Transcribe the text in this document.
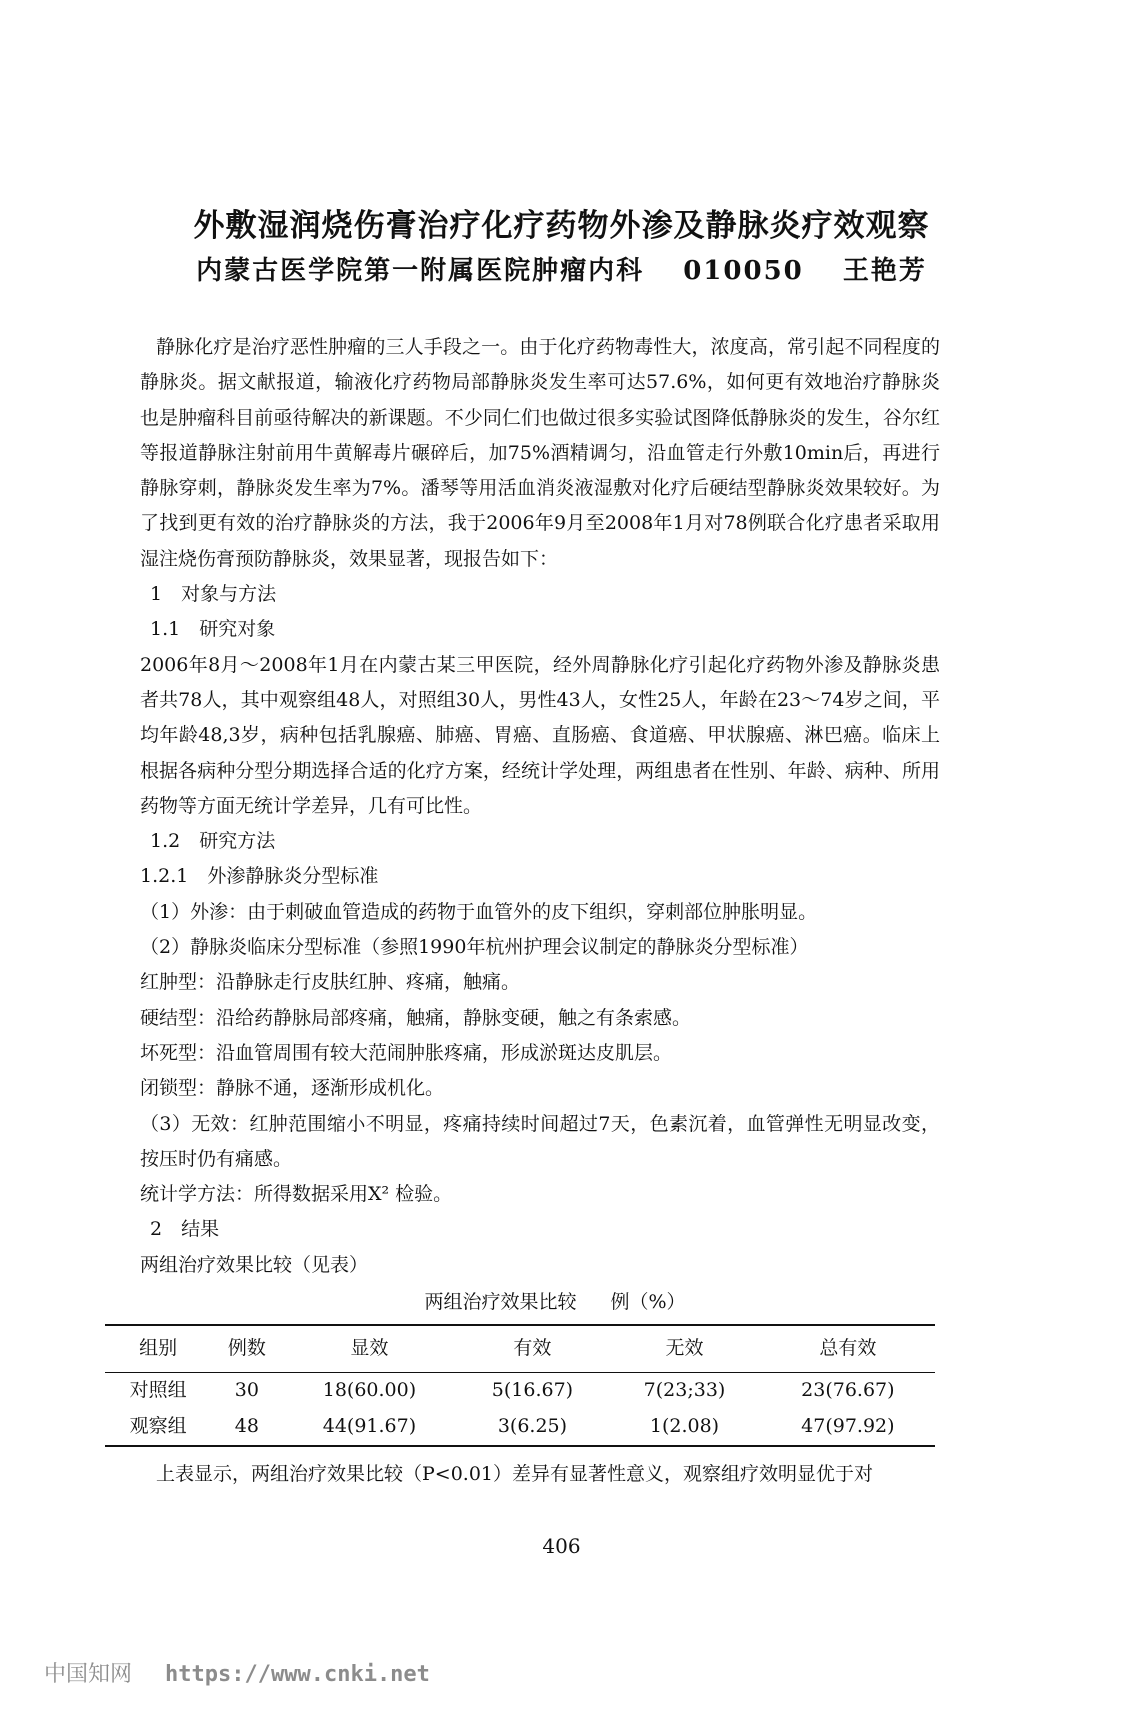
外敷湿润烧伤膏治疗化疗药物外渗及静脉炎疗效观察
内蒙古医学院第一附属医院肿瘤内科 010050 王艳芳

静脉化疗是治疗恶性肿瘤的三人手段之一。由于化疗药物毒性大，浓度高，常引起不同程度的静脉炎。据文献报道，输液化疗药物局部静脉炎发生率可达57.6%，如何更有效地治疗静脉炎也是肿瘤科目前亟待解决的新课题。不少同仁们也做过很多实验试图降低静脉炎的发生，谷尔红等报道静脉注射前用牛黄解毒片碾碎后，加75%酒精调匀，沿血管走行外敷10min后，再进行静脉穿刺，静脉炎发生率为7%。潘琴等用活血消炎液湿敷对化疗后硬结型静脉炎效果较好。为了找到更有效的治疗静脉炎的方法，我于2006年9月至2008年1月对78例联合化疗患者采取用湿注烧伤膏预防静脉炎，效果显著，现报告如下：

1　对象与方法

1.1　研究对象

2006年8月～2008年1月在内蒙古某三甲医院，经外周静脉化疗引起化疗药物外渗及静脉炎患者共78人，其中观察组48人，对照组30人，男性43人，女性25人，年龄在23～74岁之间，平均年龄48,3岁，病种包括乳腺癌、肺癌、胃癌、直肠癌、食道癌、甲状腺癌、淋巴癌。临床上根据各病种分型分期选择合适的化疗方案，经统计学处理，两组患者在性别、年龄、病种、所用药物等方面无统计学差异，几有可比性。

1.2　研究方法

1.2.1　外渗静脉炎分型标准

（1）外渗：由于刺破血管造成的药物于血管外的皮下组织，穿刺部位肿胀明显。

（2）静脉炎临床分型标准（参照1990年杭州护理会议制定的静脉炎分型标准）

红肿型：沿静脉走行皮肤红肿、疼痛，触痛。

硬结型：沿给药静脉局部疼痛，触痛，静脉变硬，触之有条索感。

坏死型：沿血管周围有较大范闹肿胀疼痛，形成淤斑达皮肌层。

闭锁型：静脉不通，逐渐形成机化。

（3）无效：红肿范围缩小不明显，疼痛持续时间超过7天，色素沉着，血管弹性无明显改变，按压时仍有痛感。

统计学方法：所得数据采用X² 检验。

2　结果

两组治疗效果比较（见表）

两组治疗效果比较 例（%）
组别	例数	显效	有效	无效	总有效
对照组	30	18(60.00)	5(16.67)	7(23;33)	23(76.67)
观察组	48	44(91.67)	3(6.25)	1(2.08)	47(97.92)

上表显示，两组治疗效果比较（P<0.01）差异有显著性意义，观察组疗效明显优于对

406
中国知网 https://www.cnki.net
